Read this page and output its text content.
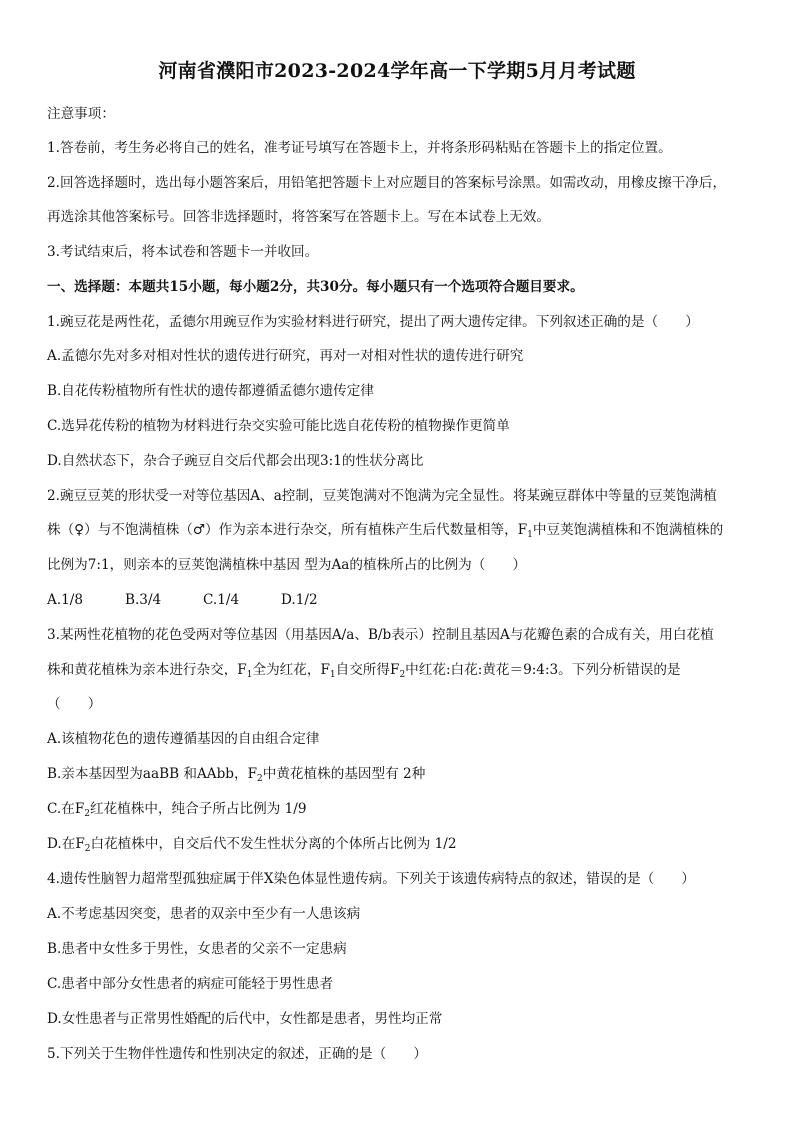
河南省濮阳市2023-2024学年高一下学期5月月考试题
注意事项：
1.答卷前，考生务必将自己的姓名，准考证号填写在答题卡上，并将条形码粘贴在答题卡上的指定位置。
2.回答选择题时，选出每小题答案后，用铅笔把答题卡上对应题目的答案标号涂黑。如需改动，用橡皮擦干净后，
再选涂其他答案标号。回答非选择题时，将答案写在答题卡上。写在本试卷上无效。
3.考试结束后，将本试卷和答题卡一并收回。
一、选择题：本题共15小题，每小题2分，共30分。每小题只有一个选项符合题目要求。
1.豌豆花是两性花，孟德尔用豌豆作为实验材料进行研究，提出了两大遗传定律。下列叙述正确的是（　　）
A.孟德尔先对多对相对性状的遗传进行研究，再对一对相对性状的遗传进行研究
B.自花传粉植物所有性状的遗传都遵循孟德尔遗传定律
C.选异花传粉的植物为材料进行杂交实验可能比选自花传粉的植物操作更简单
D.自然状态下，杂合子豌豆自交后代都会出现3:1的性状分离比
2.豌豆豆荚的形状受一对等位基因A、a控制，豆荚饱满对不饱满为完全显性。将某豌豆群体中等量的豆荚饱满植
株（♀）与不饱满植株（♂）作为亲本进行杂交，所有植株产生后代数量相等，$F_1$中豆荚饱满植株和不饱满植株的
比例为7:1，则亲本的豆荚饱满植株中基因 型为Aa的植株所占的比例为（　　）
A.1/8	B.3/4	C.1/4	D.1/2
3.某两性花植物的花色受两对等位基因（用基因A/a、B/b表示）控制且基因A与花瓣色素的合成有关，用白花植
株和黄花植株为亲本进行杂交，$F_1$全为红花，$F_1$自交所得$F_2$中红花:白花:黄花＝9:4:3。下列分析错误的是
（　　）
A.该植物花色的遗传遵循基因的自由组合定律
B.亲本基因型为aaBB 和AAbb，$F_2$中黄花植株的基因型有 2种
C.在$F_2$红花植株中，纯合子所占比例为 1/9
D.在$F_2$白花植株中，自交后代不发生性状分离的个体所占比例为 1/2
4.遗传性脑智力超常型孤独症属于伴X染色体显性遗传病。下列关于该遗传病特点的叙述，错误的是（　　）
A.不考虑基因突变，患者的双亲中至少有一人患该病
B.患者中女性多于男性，女患者的父亲不一定患病
C.患者中部分女性患者的病症可能轻于男性患者
D.女性患者与正常男性婚配的后代中，女性都是患者，男性均正常
5.下列关于生物伴性遗传和性别决定的叙述，正确的是（　　）
